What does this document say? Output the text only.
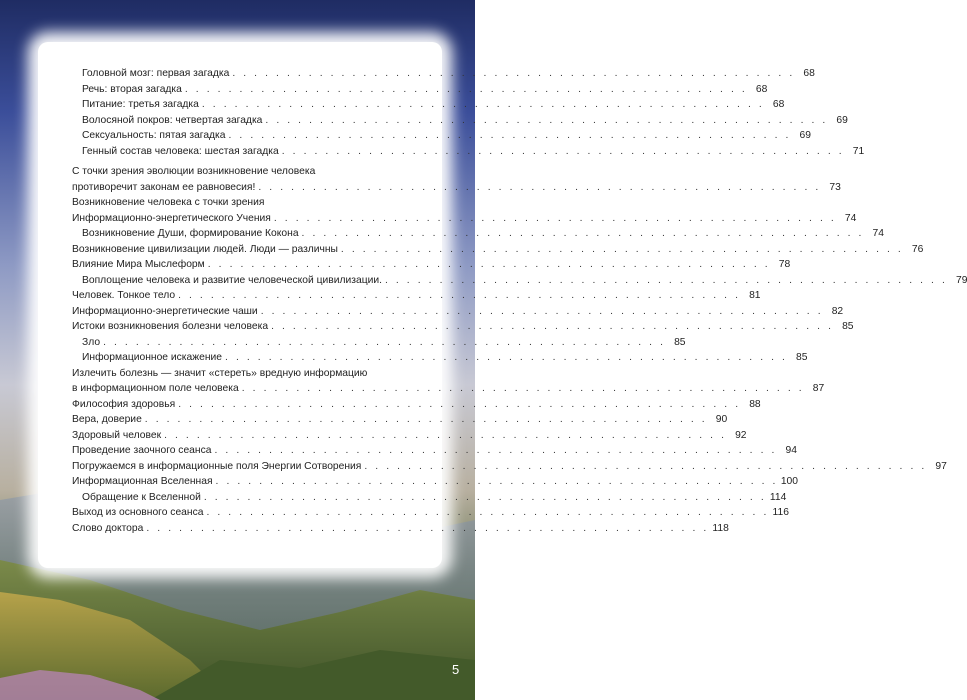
Головной мозг: первая загадка . . . . . . . . . . . . . . . . . . . . . . . . . . . . . . . . . . . . . . . . . . . . . . . . . . . . 68
Речь: вторая загадка . . . . . . . . . . . . . . . . . . . . . . . . . . . . . . . . . . . . . . . . . . . . . . . . . . . . 68
Питание: третья загадка . . . . . . . . . . . . . . . . . . . . . . . . . . . . . . . . . . . . . . . . . . . . . . . . . . . . 68
Волосяной покров: четвертая загадка . . . . . . . . . . . . . . . . . . . . . . . . . . . . . . . . . . . . . . . . . . . . . . . . . . . . 69
Сексуальность: пятая загадка . . . . . . . . . . . . . . . . . . . . . . . . . . . . . . . . . . . . . . . . . . . . . . . . . . . . 69
Генный состав человека: шестая загадка . . . . . . . . . . . . . . . . . . . . . . . . . . . . . . . . . . . . . . . . . . . . . . . . . . . . 71
С точки зрения эволюции возникновение человека
противоречит законам ее равновесия! . . . . . . . . . . . . . . . . . . . . . . . . . . . . . . . . . . . . . . . . . . . . . . . . . . . . 73
Возникновение человека с точки зрения
Информационно-энергетического Учения . . . . . . . . . . . . . . . . . . . . . . . . . . . . . . . . . . . . . . . . . . . . . . . . . . . . 74
Возникновение Души, формирование Кокона . . . . . . . . . . . . . . . . . . . . . . . . . . . . . . . . . . . . . . . . . . . . . . . . . . . . 74
Возникновение цивилизации людей. Люди — различны . . . . . . . . . . . . . . . . . . . . . . . . . . . . . . . . . . . . . . . . . . . . . . . . . . . . 76
Влияние Мира Мыслеформ . . . . . . . . . . . . . . . . . . . . . . . . . . . . . . . . . . . . . . . . . . . . . . . . . . . . 78
Воплощение человека и развитие человеческой цивилизации. . . . . . . . . . . . . . . . . . . . . . . . . . . . . . . . . . . . . . . . . . . . . . . . . . . . . 79
Человек. Тонкое тело . . . . . . . . . . . . . . . . . . . . . . . . . . . . . . . . . . . . . . . . . . . . . . . . . . . . 81
Информационно-энергетические чаши . . . . . . . . . . . . . . . . . . . . . . . . . . . . . . . . . . . . . . . . . . . . . . . . . . . . 82
Истоки возникновения болезни человека . . . . . . . . . . . . . . . . . . . . . . . . . . . . . . . . . . . . . . . . . . . . . . . . . . . . 85
Зло . . . . . . . . . . . . . . . . . . . . . . . . . . . . . . . . . . . . . . . . . . . . . . . . . . . . 85
Информационное искажение . . . . . . . . . . . . . . . . . . . . . . . . . . . . . . . . . . . . . . . . . . . . . . . . . . . . 85
Излечить болезнь — значит «стереть» вредную информацию
в информационном поле человека . . . . . . . . . . . . . . . . . . . . . . . . . . . . . . . . . . . . . . . . . . . . . . . . . . . . 87
Философия здоровья . . . . . . . . . . . . . . . . . . . . . . . . . . . . . . . . . . . . . . . . . . . . . . . . . . . . 88
Вера, доверие . . . . . . . . . . . . . . . . . . . . . . . . . . . . . . . . . . . . . . . . . . . . . . . . . . . . 90
Здоровый человек . . . . . . . . . . . . . . . . . . . . . . . . . . . . . . . . . . . . . . . . . . . . . . . . . . . . 92
Проведение заочного сеанса . . . . . . . . . . . . . . . . . . . . . . . . . . . . . . . . . . . . . . . . . . . . . . . . . . . . 94
Погружаемся в информационные поля Энергии Сотворения . . . . . . . . . . . . . . . . . . . . . . . . . . . . . . . . . . . . . . . . . . . . . . . . . . . . 97
Информационная Вселенная . . . . . . . . . . . . . . . . . . . . . . . . . . . . . . . . . . . . . . . . . . . . . . . . . . . . 100
Обращение к Вселенной . . . . . . . . . . . . . . . . . . . . . . . . . . . . . . . . . . . . . . . . . . . . . . . . . . . . 114
Выход из основного сеанса . . . . . . . . . . . . . . . . . . . . . . . . . . . . . . . . . . . . . . . . . . . . . . . . . . . . 116
Слово доктора . . . . . . . . . . . . . . . . . . . . . . . . . . . . . . . . . . . . . . . . . . . . . . . . . . . . 118
5
